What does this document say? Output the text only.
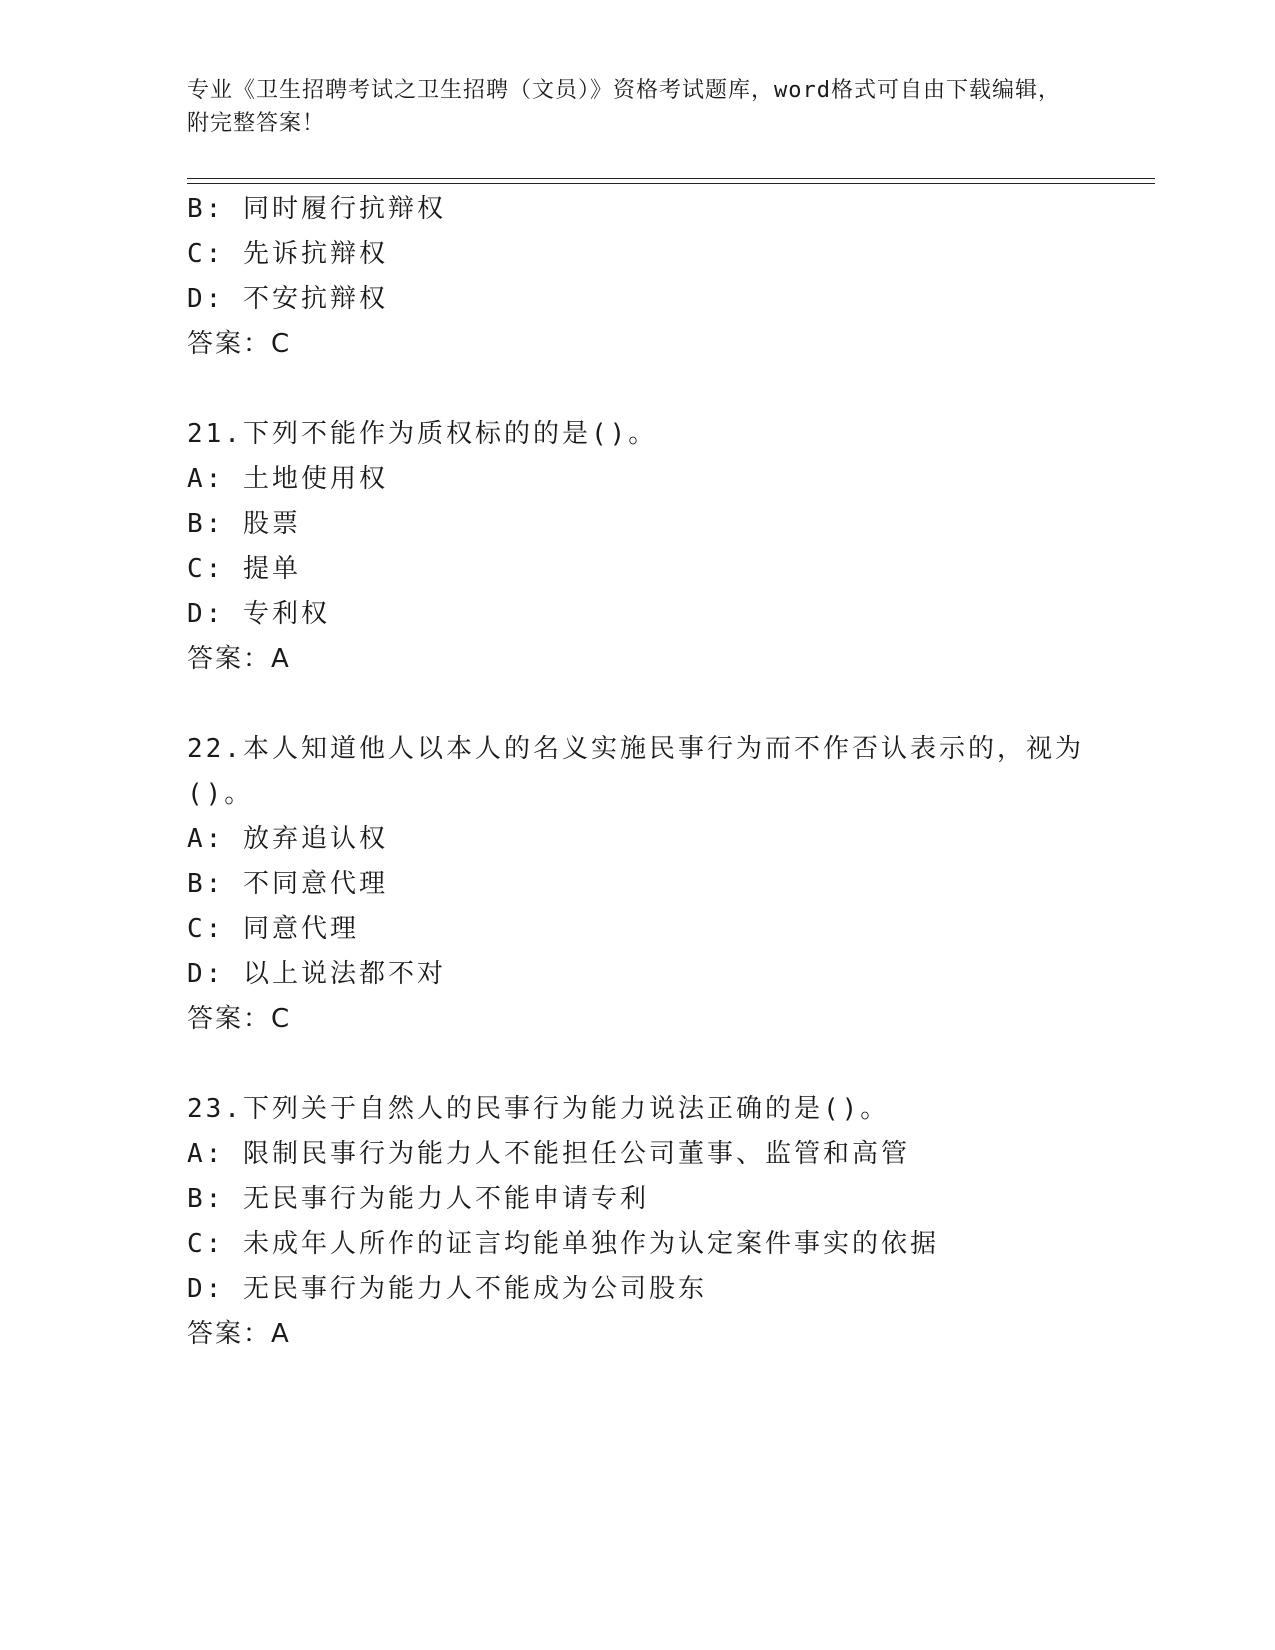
专业《卫生招聘考试之卫生招聘（文员）》资格考试题库，word格式可自由下载编辑，附完整答案！
B: 同时履行抗辩权
C: 先诉抗辩权
D: 不安抗辩权
答案：C
21.下列不能作为质权标的的是()。
A: 土地使用权
B: 股票
C: 提单
D: 专利权
答案：A
22.本人知道他人以本人的名义实施民事行为而不作否认表示的，视为
()。
A: 放弃追认权
B: 不同意代理
C: 同意代理
D: 以上说法都不对
答案：C
23.下列关于自然人的民事行为能力说法正确的是()。
A: 限制民事行为能力人不能担任公司董事、监管和高管
B: 无民事行为能力人不能申请专利
C: 未成年人所作的证言均能单独作为认定案件事实的依据
D: 无民事行为能力人不能成为公司股东
答案：A
